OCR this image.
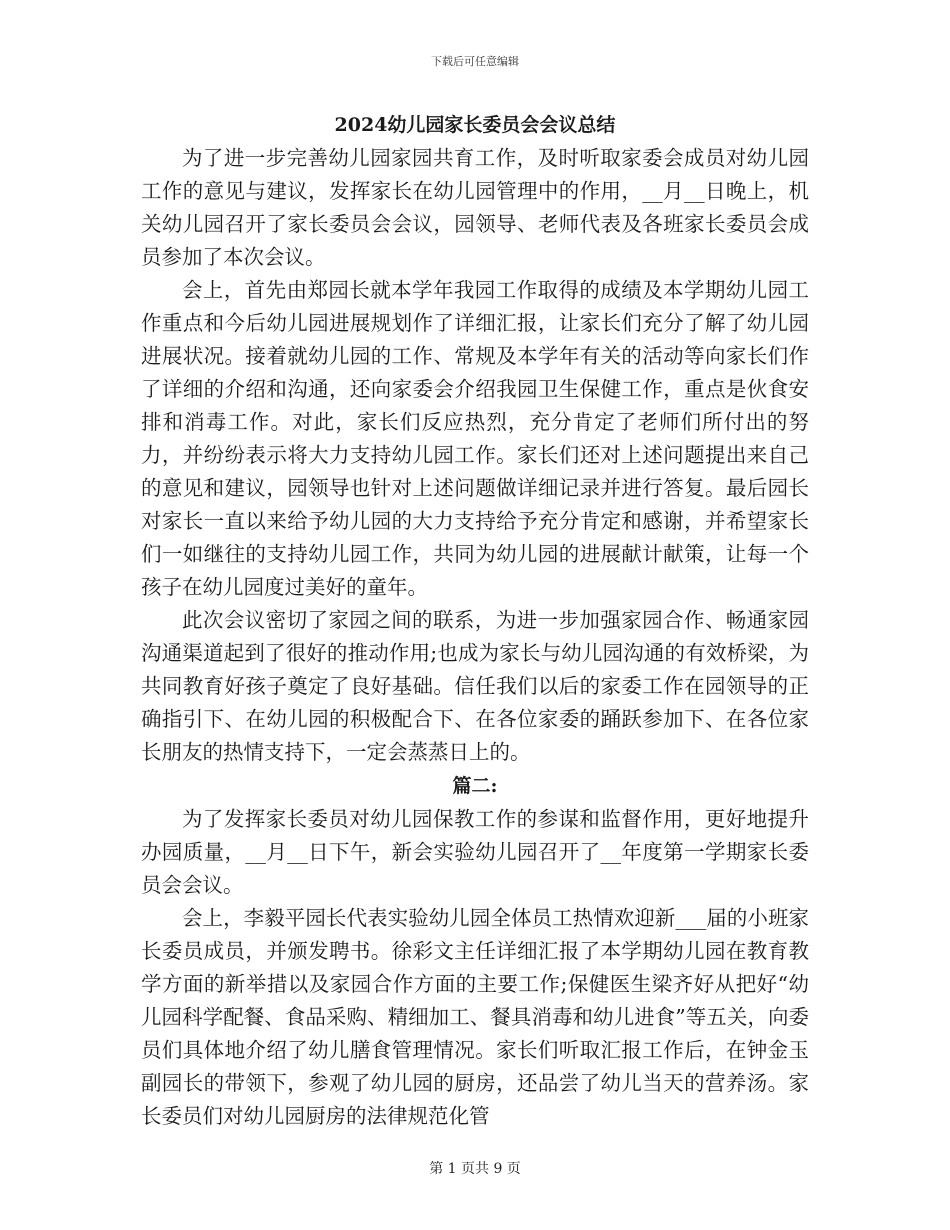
下载后可任意编辑
2024幼儿园家长委员会会议总结

为了进一步完善幼儿园家园共育工作，及时听取家委会成员对幼儿园工作的意见与建议，发挥家长在幼儿园管理中的作用，__月__日晚上，机关幼儿园召开了家长委员会会议，园领导、老师代表及各班家长委员会成员参加了本次会议。

会上，首先由郑园长就本学年我园工作取得的成绩及本学期幼儿园工作重点和今后幼儿园进展规划作了详细汇报，让家长们充分了解了幼儿园进展状况。接着就幼儿园的工作、常规及本学年有关的活动等向家长们作了详细的介绍和沟通，还向家委会介绍我园卫生保健工作，重点是伙食安排和消毒工作。对此，家长们反应热烈，充分肯定了老师们所付出的努力，并纷纷表示将大力支持幼儿园工作。家长们还对上述问题提出来自己的意见和建议，园领导也针对上述问题做详细记录并进行答复。最后园长对家长一直以来给予幼儿园的大力支持给予充分肯定和感谢，并希望家长们一如继往的支持幼儿园工作，共同为幼儿园的进展献计献策，让每一个孩子在幼儿园度过美好的童年。

此次会议密切了家园之间的联系，为进一步加强家园合作、畅通家园沟通渠道起到了很好的推动作用;也成为家长与幼儿园沟通的有效桥梁，为共同教育好孩子奠定了良好基础。信任我们以后的家委工作在园领导的正确指引下、在幼儿园的积极配合下、在各位家委的踊跃参加下、在各位家长朋友的热情支持下，一定会蒸蒸日上的。

篇二:

为了发挥家长委员对幼儿园保教工作的参谋和监督作用，更好地提升办园质量，__月__日下午，新会实验幼儿园召开了__年度第一学期家长委员会会议。

会上，李毅平园长代表实验幼儿园全体员工热情欢迎新___届的小班家长委员成员，并颁发聘书。徐彩文主任详细汇报了本学期幼儿园在教育教学方面的新举措以及家园合作方面的主要工作;保健医生梁齐好从把好“幼儿园科学配餐、食品采购、精细加工、餐具消毒和幼儿进食”等五关，向委员们具体地介绍了幼儿膳食管理情况。家长们听取汇报工作后，在钟金玉副园长的带领下，参观了幼儿园的厨房，还品尝了幼儿当天的营养汤。家长委员们对幼儿园厨房的法律规范化管

第 1 页共 9 页
